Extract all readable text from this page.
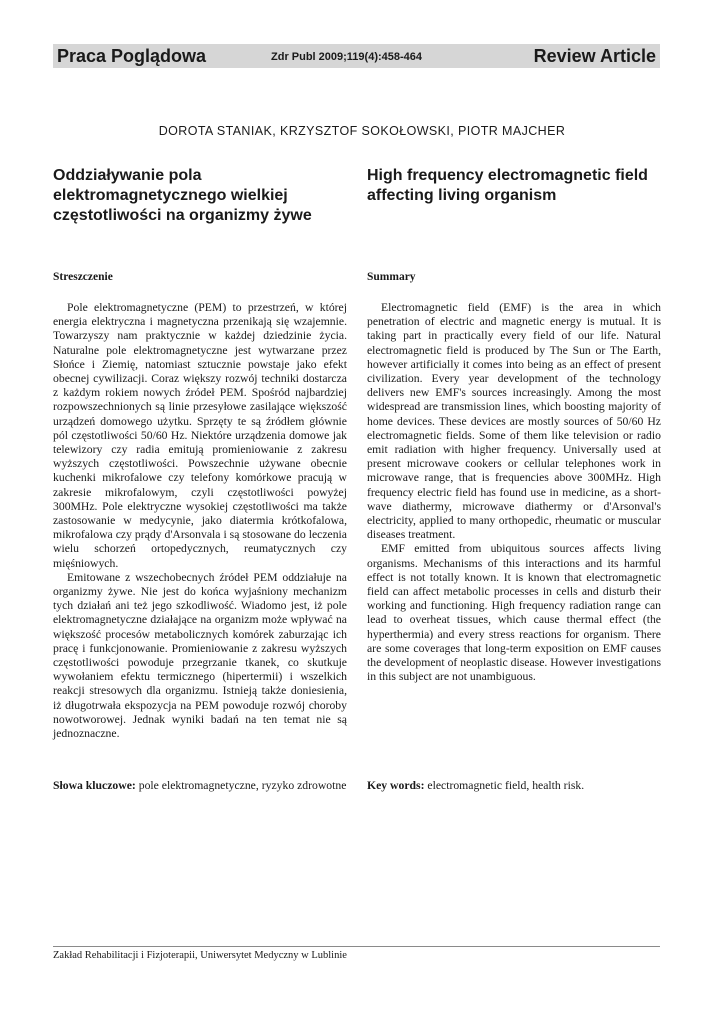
Praca Poglądowa	Zdr Publ 2009;119(4):458-464	Review Article
DOROTA STANIAK, KRZYSZTOF SOKOŁOWSKI, PIOTR MAJCHER
Oddziaływanie pola elektromagnetycznego wielkiej częstotliwości na organizmy żywe
High frequency electromagnetic field affecting living organism
Streszczenie

Pole elektromagnetyczne (PEM) to przestrzeń, w której energia elektryczna i magnetyczna przenikają się wzajemnie. Towarzyszy nam praktycznie w każdej dziedzinie życia. Naturalne pole elektromagnetyczne jest wytwarzane przez Słońce i Ziemię, natomiast sztucznie powstaje jako efekt obecnej cywilizacji. Coraz większy rozwój techniki dostarcza z każdym rokiem nowych źródeł PEM. Spośród najbardziej rozpowszechnionych są linie przesyłowe zasilające większość urządzeń domowego użytku. Sprzęty te są źródłem głównie pól częstotliwości 50/60 Hz. Niektóre urządzenia domowe jak telewizory czy radia emitują promieniowanie z zakresu wyższych częstotliwości. Powszechnie używane obecnie kuchenki mikrofalowe czy telefony komórkowe pracują w zakresie mikrofalowym, czyli częstotliwości powyżej 300MHz. Pole elektryczne wysokiej częstotliwości ma także zastosowanie w medycynie, jako diatermia krótkofalowa, mikrofalowa czy prądy d'Arsonvala i są stosowane do leczenia wielu schorzeń ortopedycznych, reumatycznych czy mięśniowych.

Emitowane z wszechobecnych źródeł PEM oddziałuje na organizmy żywe. Nie jest do końca wyjaśniony mechanizm tych działań ani też jego szkodliwość. Wiadomo jest, iż pole elektromagnetyczne działające na organizm może wpływać na większość procesów metabolicznych komórek zaburzając ich pracę i funkcjonowanie. Promieniowanie z zakresu wyższych częstotliwości powoduje przegrzanie tkanek, co skutkuje wywołaniem efektu termicznego (hipertermii) i wszelkich reakcji stresowych dla organizmu. Istnieją także doniesienia, iż długotrwała ekspozycja na PEM powoduje rozwój choroby nowotworowej. Jednak wyniki badań na ten temat nie są jednoznaczne.

Summary

Electromagnetic field (EMF) is the area in which penetration of electric and magnetic energy is mutual. It is taking part in practically every field of our life. Natural electromagnetic field is produced by The Sun or The Earth, however artificially it comes into being as an effect of present civilization. Every year development of the technology delivers new EMF's sources increasingly. Among the most widespread are transmission lines, which boosting majority of home devices. These devices are mostly sources of 50/60 Hz electromagnetic fields. Some of them like television or radio emit radiation with higher frequency. Universally used at present microwave cookers or cellular telephones work in microwave range, that is frequencies above 300MHz. High frequency electric field has found use in medicine, as a short-wave diathermy, microwave diathermy or d'Arsonval's electricity, applied to many orthopedic, rheumatic or muscular diseases treatment.

EMF emitted from ubiquitous sources affects living organisms. Mechanisms of this interactions and its harmful effect is not totally known. It is known that electromagnetic field can affect metabolic processes in cells and disturb their working and functioning. High frequency radiation range can lead to overheat tissues, which cause thermal effect (the hyperthermia) and every stress reactions for organism. There are some coverages that long-term exposition on EMF causes the development of neoplastic disease. However investigations in this subject are not unambiguous.

Słowa kluczowe: pole elektromagnetyczne, ryzyko zdrowotne Key words: electromagnetic field, health risk.
Zakład Rehabilitacji i Fizjoterapii, Uniwersytet Medyczny w Lublinie
